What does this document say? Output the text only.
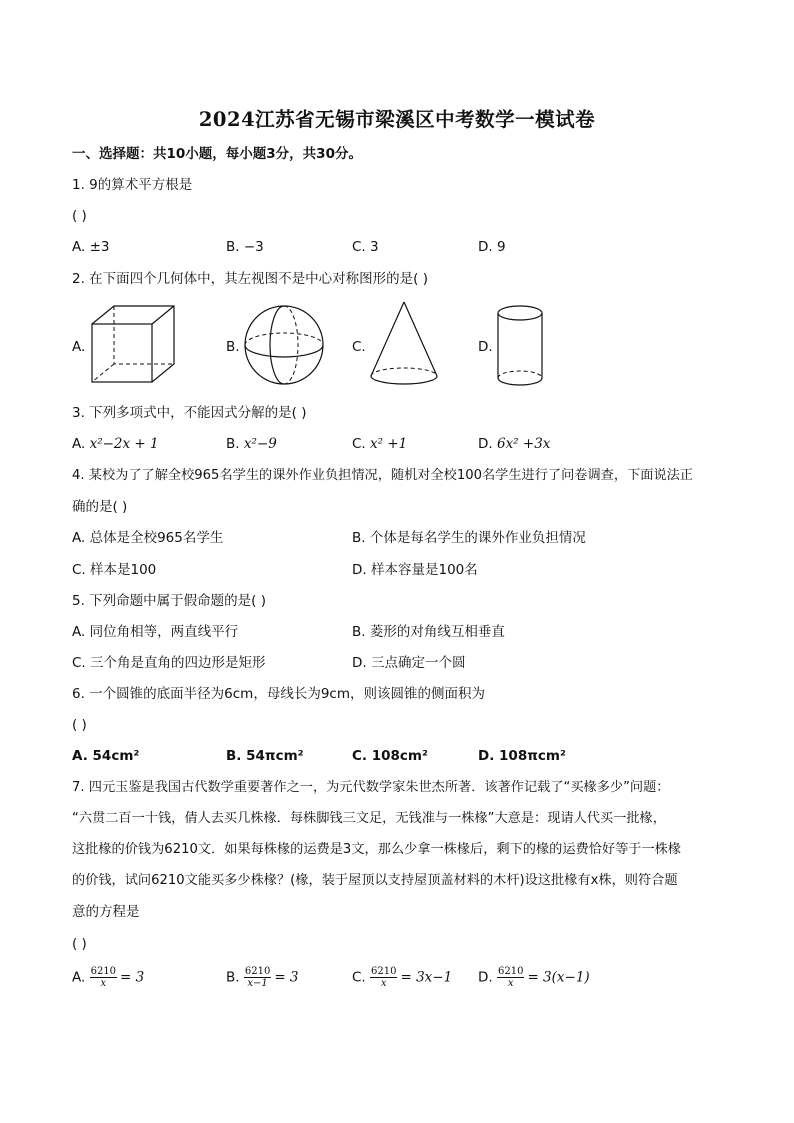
2024江苏省无锡市梁溪区中考数学一模试卷
一、选择题：共10小题，每小题3分，共30分。
1. 9的算术平方根是
( )
A. ±3	B. −3	C. 3	D. 9
2. 在下面四个几何体中，其左视图不是中心对称图形的是( )
A.	B.	C.	D.
3. 下列多项式中，不能因式分解的是( )
A. x²−2x + 1	B. x²−9	C. x² +1	D. 6x² +3x
4. 某校为了了解全校965名学生的课外作业负担情况，随机对全校100名学生进行了问卷调查，下面说法正
确的是( )
A. 总体是全校965名学生	B. 个体是每名学生的课外作业负担情况
C. 样本是100	D. 样本容量是100名
5. 下列命题中属于假命题的是( )
A. 同位角相等，两直线平行	B. 菱形的对角线互相垂直
C. 三个角是直角的四边形是矩形	D. 三点确定一个圆
6. 一个圆锥的底面半径为6cm，母线长为9cm，则该圆锥的侧面积为
( )
A. 54cm²	B. 54πcm²	C. 108cm²	D. 108πcm²
7. 四元玉鉴是我国古代数学重要著作之一，为元代数学家朱世杰所著．该著作记载了“买椽多少”问题：
“六贯二百一十钱，倩人去买几株椽．每株脚钱三文足，无钱准与一株椽”大意是：现请人代买一批椽，
这批椽的价钱为6210文．如果每株椽的运费是3文，那么少拿一株椽后，剩下的椽的运费恰好等于一株椽
的价钱，试问6210文能买多少株椽？(椽，装于屋顶以支持屋顶盖材料的木杆)设这批椽有x株，则符合题
意的方程是
( )
A. $\frac{6210}{x} = 3$	B. $\frac{6210}{x-1} = 3$	C. $\frac{6210}{x} = 3x-1$ D. $\frac{6210}{x} = 3(x-1)$
